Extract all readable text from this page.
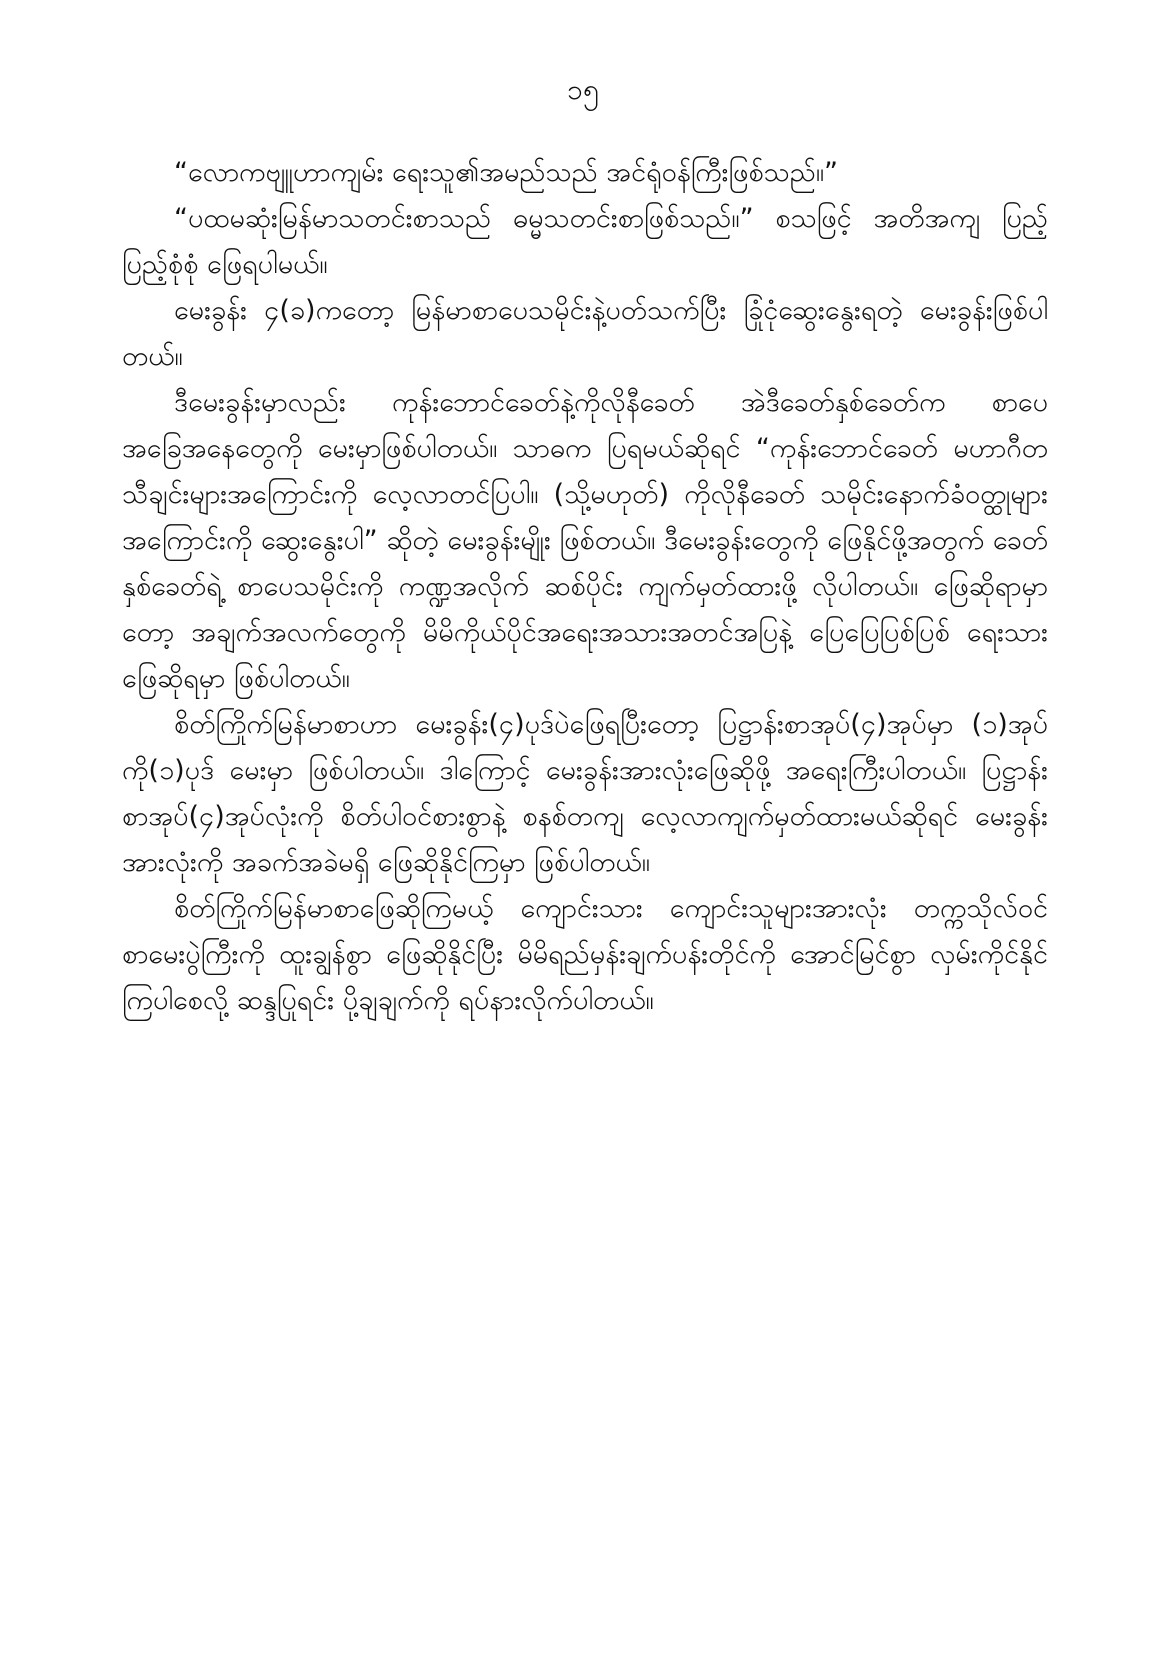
၁၅

“လောကဗျူဟာကျမ်း ရေးသူ၏အမည်သည် အင်ရုံဝန်ကြီးဖြစ်သည်။”

“ပထမဆုံးမြန်မာသတင်းစာသည် ဓမ္မသတင်းစာဖြစ်သည်။” စသဖြင့် အတိအကျ ပြည့်ပြည့်စုံစုံ ဖြေရပါမယ်။

မေးခွန်း ၄(ခ)ကတော့ မြန်မာစာပေသမိုင်းနဲ့ပတ်သက်ပြီး ခြုံငုံဆွေးနွေးရတဲ့ မေးခွန်းဖြစ်ပါတယ်။

ဒီမေးခွန်းမှာလည်း ကုန်းဘောင်ခေတ်နဲ့ကိုလိုနီခေတ် အဲဒီခေတ်နှစ်ခေတ်က စာပေအခြေအနေတွေကို မေးမှာဖြစ်ပါတယ်။ သာဓက ပြရမယ်ဆိုရင် “ကုန်းဘောင်ခေတ် မဟာဂီတ သီချင်းများအကြောင်းကို လေ့လာတင်ပြပါ။ (သို့မဟုတ်) ကိုလိုနီခေတ် သမိုင်းနောက်ခံဝတ္ထုများအကြောင်းကို ဆွေးနွေးပါ” ဆိုတဲ့ မေးခွန်းမျိုး ဖြစ်တယ်။ ဒီမေးခွန်းတွေကို ဖြေနိုင်ဖို့အတွက် ခေတ်နှစ်ခေတ်ရဲ့ စာပေသမိုင်းကို ကဏ္ဍအလိုက် ဆစ်ပိုင်း ကျက်မှတ်ထားဖို့ လိုပါတယ်။ ဖြေဆိုရာမှာတော့ အချက်အလက်တွေကို မိမိကိုယ်ပိုင်အရေးအသားအတင်အပြနဲ့ ပြေပြေပြစ်ပြစ် ရေးသားဖြေဆိုရမှာ ဖြစ်ပါတယ်။

စိတ်ကြိုက်မြန်မာစာဟာ မေးခွန်း(၄)ပုဒ်ပဲဖြေရပြီးတော့ ပြဋ္ဌာန်းစာအုပ်(၄)အုပ်မှာ (၁)အုပ်ကို(၁)ပုဒ် မေးမှာ ဖြစ်ပါတယ်။ ဒါကြောင့် မေးခွန်းအားလုံးဖြေဆိုဖို့ အရေးကြီးပါတယ်။ ပြဋ္ဌာန်းစာအုပ်(၄)အုပ်လုံးကို စိတ်ပါဝင်စားစွာနဲ့ စနစ်တကျ လေ့လာကျက်မှတ်ထားမယ်ဆိုရင် မေးခွန်းအားလုံးကို အခက်အခဲမရှိ ဖြေဆိုနိုင်ကြမှာ ဖြစ်ပါတယ်။

စိတ်ကြိုက်မြန်မာစာဖြေဆိုကြမယ့် ကျောင်းသား ကျောင်းသူများအားလုံး တက္ကသိုလ်ဝင်စာမေးပွဲကြီးကို ထူးချွန်စွာ ဖြေဆိုနိုင်ပြီး မိမိရည်မှန်းချက်ပန်းတိုင်ကို အောင်မြင်စွာ လှမ်းကိုင်နိုင်ကြပါစေလို့ ဆန္ဒပြုရင်း ပို့ချချက်ကို ရပ်နားလိုက်ပါတယ်။
